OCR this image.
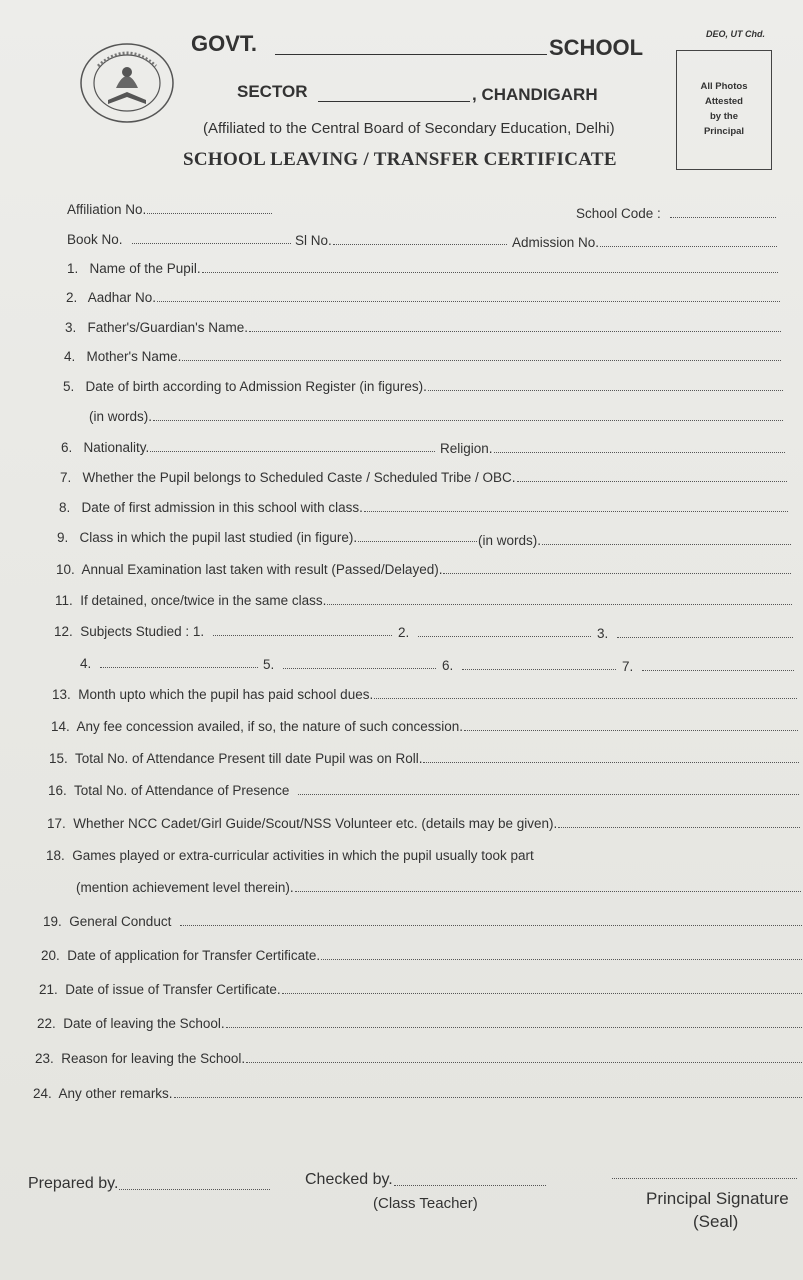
GOVT.	SCHOOL
SECTOR	, CHANDIGARH
(Affiliated to the Central Board of Secondary Education, Delhi)
SCHOOL LEAVING / TRANSFER CERTIFICATE
DEO, UT Chd.
All Photos
Attested
by the
Principal
Affiliation No.	School Code :
Book No.	Sl No.	Admission No.
1.   Name of the Pupil.
2.   Aadhar No.
3.   Father's/Guardian's Name.
4.   Mother's Name.
5.   Date of birth according to Admission Register (in figures).
(in words).
6.   Nationality.	Religion.
7.   Whether the Pupil belongs to Scheduled Caste / Scheduled Tribe / OBC.
8.   Date of first admission in this school with class.
9.   Class in which the pupil last studied (in figure).	(in words).
10.  Annual Examination last taken with result (Passed/Delayed).
11.  If detained, once/twice in the same class.
12.  Subjects Studied : 1.	2.	3.
4.	5.	6.	7.
13.  Month upto which the pupil has paid school dues.
14.  Any fee concession availed, if so, the nature of such concession.
15.  Total No. of Attendance Present till date Pupil was on Roll.
16.  Total No. of Attendance of Presence
17.  Whether NCC Cadet/Girl Guide/Scout/NSS Volunteer etc. (details may be given).
18.  Games played or extra-curricular activities in which the pupil usually took part
(mention achievement level therein).
19.  General Conduct
20.  Date of application for Transfer Certificate.
21.  Date of issue of Transfer Certificate.
22.  Date of leaving the School.
23.  Reason for leaving the School.
24.  Any other remarks.
Prepared by.	Checked by.
(Class Teacher)	Principal Signature
(Seal)
